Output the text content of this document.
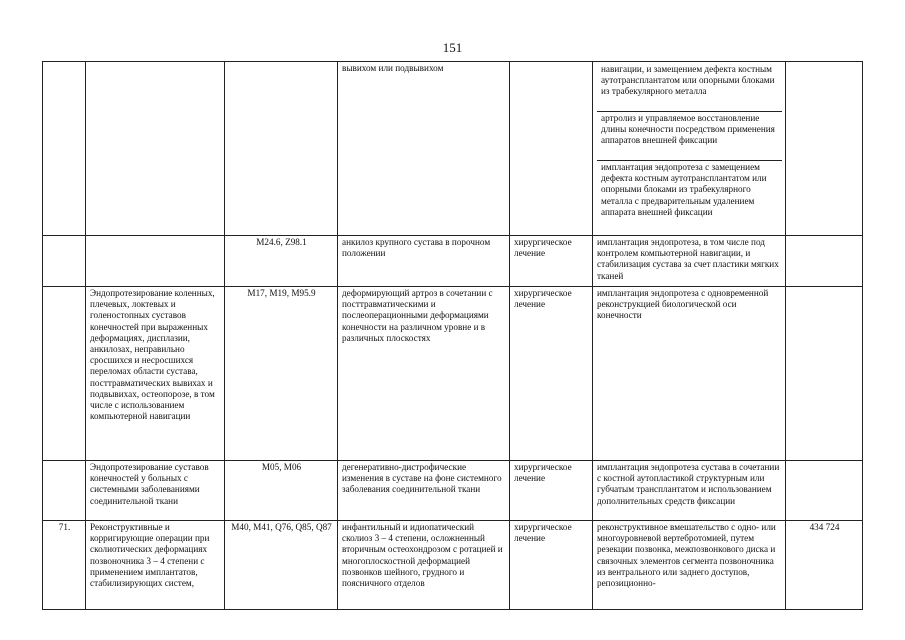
151
			вывихом или подвывихом		навигации, и замещением дефекта костным аутотрансплантатом или опорными блоками из трабекулярного металла
артролиз и управляемое восстановление длины конечности посредством применения аппаратов внешней фиксации
имплантация эндопротеза с замещением дефекта костным аутотрансплантатом или опорными блоками из трабекулярного металла с предварительным удалением аппарата внешней фиксации	

		M24.6, Z98.1	анкилоз крупного сустава в порочном положении	хирургическое лечение	имплантация эндопротеза, в том числе под контролем компьютерной навигации, и стабилизация сустава за счет пластики мягких тканей	
	Эндопротезирование коленных, плечевых, локтевых и голеностопных суставов конечностей при выраженных деформациях, дисплазии, анкилозах, неправильно сросшихся и несросшихся переломах области сустава, посттравматических вывихах и подвывихах, остеопорозе, в том числе с использованием компьютерной навигации	M17, M19, M95.9	деформирующий артроз в сочетании с посттравматическими и послеоперационными деформациями конечности на различном уровне и в различных плоскостях	хирургическое лечение	имплантация эндопротеза с одновременной реконструкцией биологической оси конечности	
	Эндопротезирование суставов конечностей у больных с системными заболеваниями соединительной ткани	M05, M06	дегенеративно-дистрофические изменения в суставе на фоне системного заболевания соединительной ткани	хирургическое лечение	имплантация эндопротеза сустава в сочетании с костной аутопластикой структурным или губчатым трансплантатом и использованием дополнительных средств фиксации	
71.	Реконструктивные и корригирующие операции при сколиотических деформациях позвоночника 3 – 4 степени с применением имплантатов, стабилизирующих систем,	M40, M41, Q76, Q85, Q87	инфантильный и идиопатический сколиоз 3 – 4 степени, осложненный вторичным остеохондрозом с ротацией и многоплоскостной деформацией позвонков шейного, грудного и поясничного отделов	хирургическое лечение	реконструктивное вмешательство с одно- или многоуровневой вертебротомией, путем резекции позвонка, межпозвонкового диска и связочных элементов сегмента позвоночника из вентрального или заднего доступов, репозиционно-	434 724
